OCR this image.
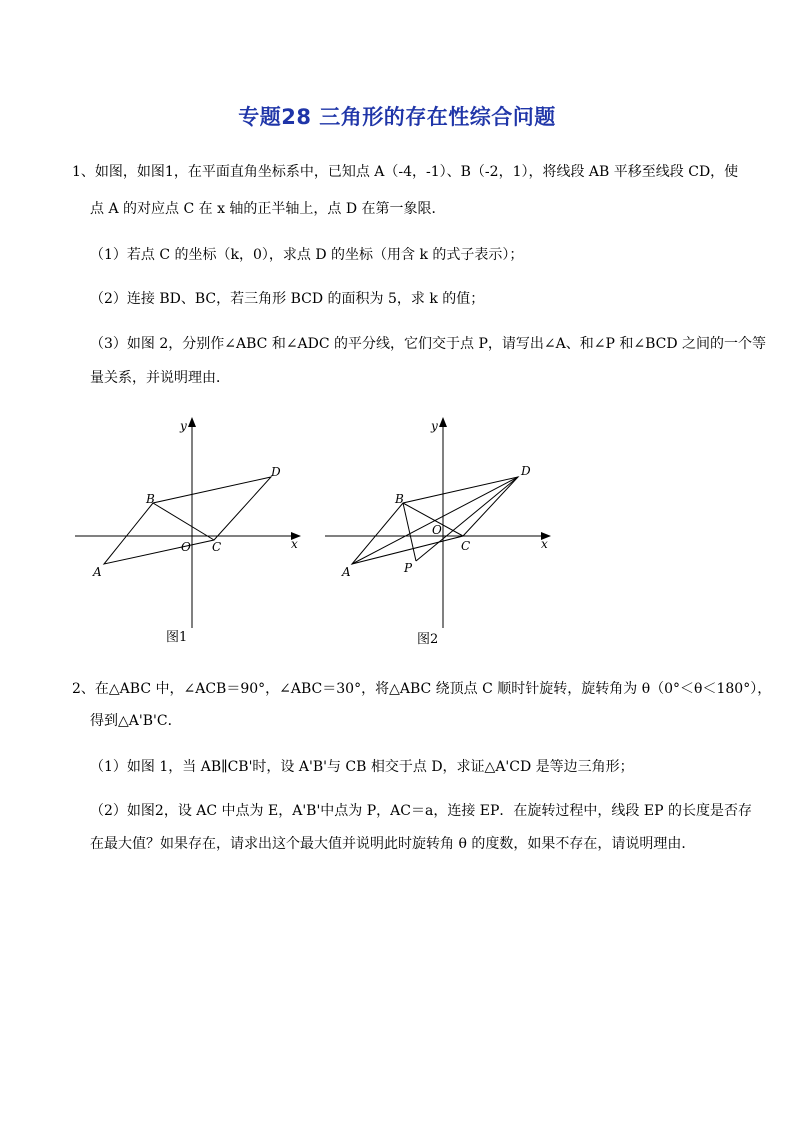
专题28 三角形的存在性综合问题
1、如图，如图1，在平面直角坐标系中，已知点 A（-4，-1）、B（-2，1），将线段 AB 平移至线段 CD，使
点 A 的对应点 C 在 x 轴的正半轴上，点 D 在第一象限．
（1）若点 C 的坐标（k，0），求点 D 的坐标（用含 k 的式子表示）；
（2）连接 BD、BC，若三角形 BCD 的面积为 5，求 k 的值；
（3）如图 2，分别作∠ABC 和∠ADC 的平分线，它们交于点 P，请写出∠A、和∠P 和∠BCD 之间的一个等
量关系，并说明理由．
y
x
O
A
B
C
D
图1
y
x
O
A
B
C
D
P
图2
2、在△ABC 中，∠ACB＝90°，∠ABC＝30°，将△ABC 绕顶点 C 顺时针旋转，旋转角为 θ（0°＜θ＜180°），
得到△A'B'C．
（1）如图 1，当 AB∥CB'时，设 A'B'与 CB 相交于点 D，求证△A'CD 是等边三角形；
（2）如图2，设 AC 中点为 E，A'B'中点为 P，AC＝a，连接 EP．在旋转过程中，线段 EP 的长度是否存
在最大值？如果存在，请求出这个最大值并说明此时旋转角 θ 的度数，如果不存在，请说明理由．
